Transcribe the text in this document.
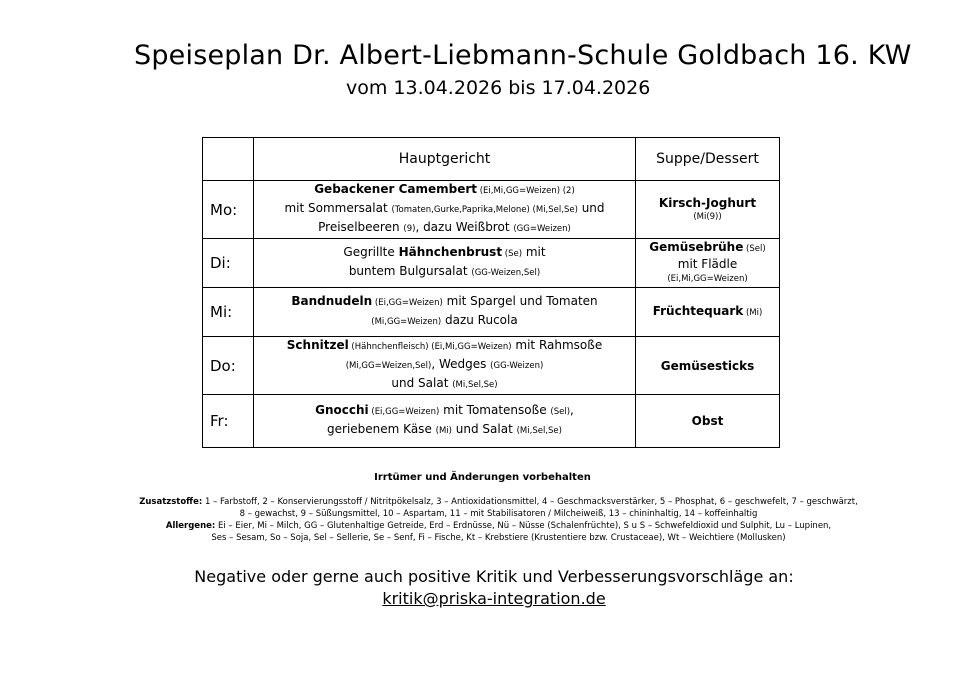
Speiseplan Dr. Albert-Liebmann-Schule Goldbach 16. KW
vom 13.04.2026 bis 17.04.2026
	Hauptgericht	Suppe/Dessert
Mo:	Gebackener Camembert (Ei,Mi,GG=Weizen) (2)
mit Sommersalat (Tomaten,Gurke,Paprika,Melone) (Mi,Sel,Se) und
Preiselbeeren (9), dazu Weißbrot (GG=Weizen)	Kirsch-Joghurt
(Mi(9))

Di:	Gegrillte Hähnchenbrust (Se) mit
buntem Bulgursalat (GG-Weizen,Sel)	Gemüsebrühe (Sel)
mit Flädle
(Ei,Mi,GG=Weizen)

Mi:	Bandnudeln (Ei,GG=Weizen) mit Spargel und Tomaten
(Mi,GG=Weizen) dazu Rucola	Früchtequark (Mi)

Do:	Schnitzel (Hähnchenfleisch) (Ei,Mi,GG=Weizen) mit Rahmsoße
(Mi,GG=Weizen,Sel), Wedges (GG-Weizen)
und Salat (Mi,Sel,Se)	Gemüsesticks

Fr:	Gnocchi (Ei,GG=Weizen) mit Tomatensoße (Sel),
geriebenem Käse (Mi) und Salat (Mi,Sel,Se)	Obst
Irrtümer und Änderungen vorbehalten
Zusatzstoffe: 1 – Farbstoff, 2 – Konservierungsstoff / Nitritpökelsalz, 3 – Antioxidationsmittel, 4 – Geschmacksverstärker, 5 – Phosphat, 6 – geschwefelt, 7 – geschwärzt,
8 – gewachst, 9 – Süßungsmittel, 10 – Aspartam, 11 – mit Stabilisatoren / Milcheiweiß, 13 – chininhaltig, 14 – koffeinhaltig
Allergene: Ei – Eier, Mi – Milch, GG – Glutenhaltige Getreide, Erd – Erdnüsse, Nü – Nüsse (Schalenfrüchte), S u S – Schwefeldioxid und Sulphit, Lu – Lupinen,
Ses – Sesam, So – Soja, Sel – Sellerie, Se – Senf, Fi – Fische, Kt – Krebstiere (Krustentiere bzw. Crustaceae), Wt – Weichtiere (Mollusken)
Negative oder gerne auch positive Kritik und Verbesserungsvorschläge an:
kritik@priska-integration.de
